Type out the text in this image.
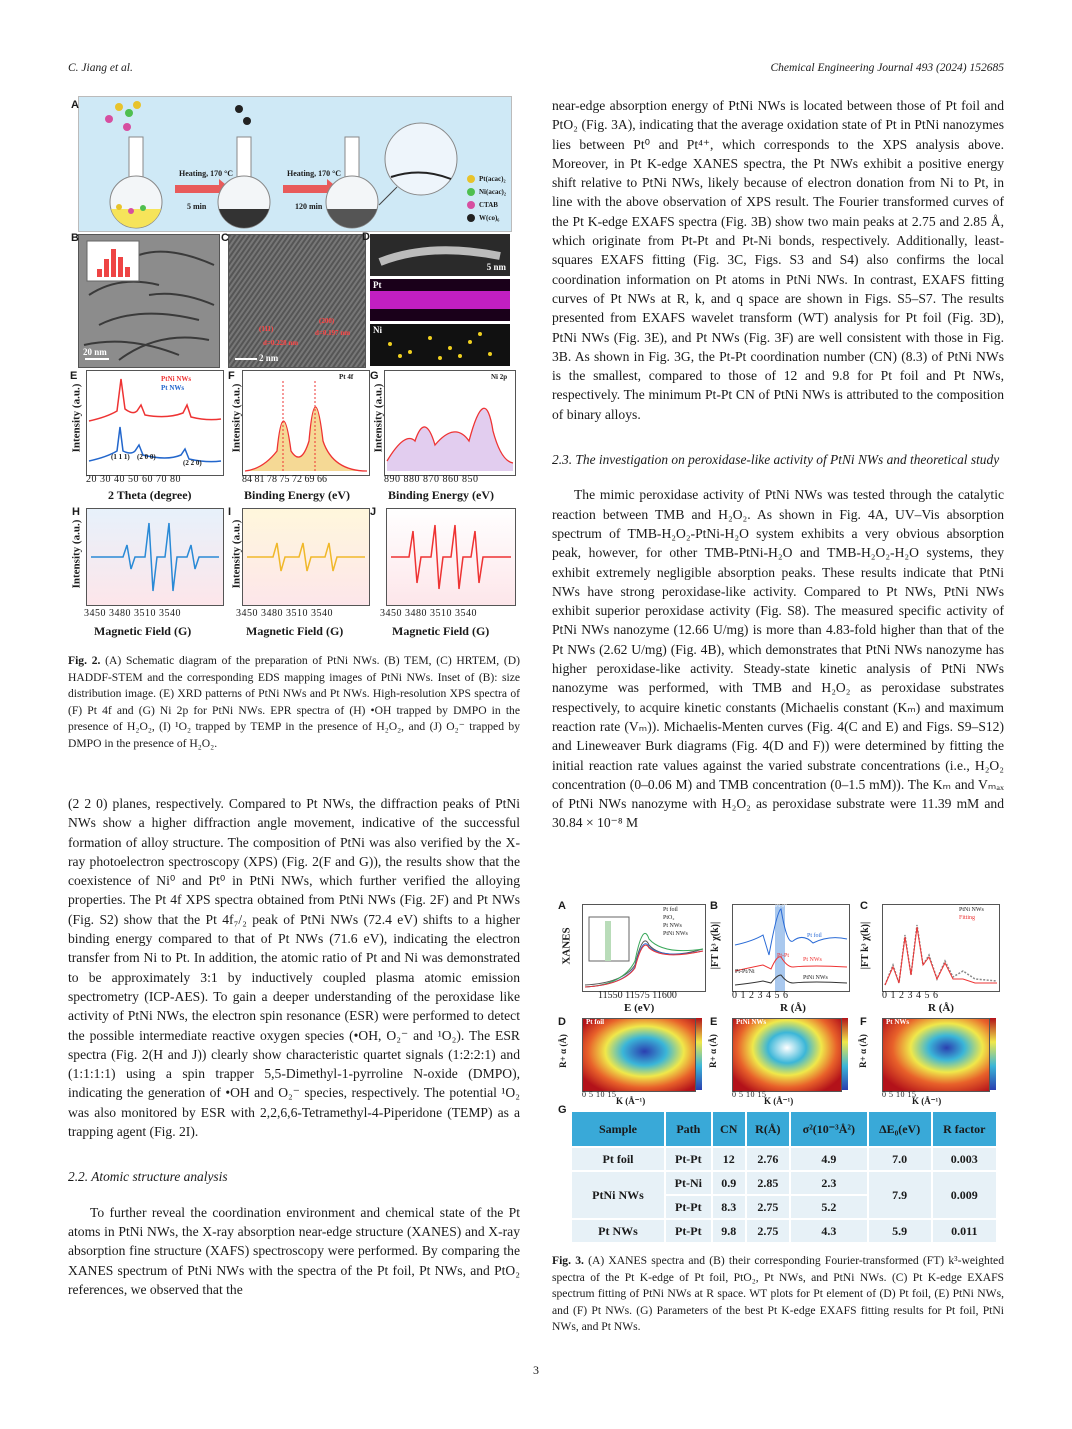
C. Jiang et al.	Chemical Engineering Journal 493 (2024) 152685
A
Heating, 170 °C
5 min
Heating, 170 °C
120 min
Pt(acac)₂
Ni(acac)₂
CTAB
W(co)₆
B
20 nm
C
2 nm
d=0.228 nm
d=0.197 nm
(111)
(200)
D
5 nm
Pt
Ni
E	PtNi NWs
Pt NWs
(1 1 1) (2 0 0)
(2 2 0)
Intensity (a.u.)
20 30 40 50 60 70 80
2 Theta (degree)
F	Pt 4f
Intensity (a.u.)
84 81 78 75 72 69 66
Binding Energy (eV)
G	Ni 2p
Intensity (a.u.)
890 880 870 860 850
Binding Energy (eV)
H
Intensity (a.u.)
3450 3480 3510 3540
Magnetic Field (G)
I
Intensity (a.u.)
3450 3480 3510 3540
Magnetic Field (G)
J
3450 3480 3510 3540
Magnetic Field (G)
Fig. 2. (A) Schematic diagram of the preparation of PtNi NWs. (B) TEM, (C) HRTEM, (D) HADDF-STEM and the corresponding EDS mapping images of PtNi NWs. Inset of (B): size distribution image. (E) XRD patterns of PtNi NWs and Pt NWs. High-resolution XPS spectra of (F) Pt 4f and (G) Ni 2p for PtNi NWs. EPR spectra of (H) •OH trapped by DMPO in the presence of H₂O₂, (I) ¹O₂ trapped by TEMP in the presence of H₂O₂, and (J) O₂⁻ trapped by DMPO in the presence of H₂O₂.

(2 2 0) planes, respectively. Compared to Pt NWs, the diffraction peaks of PtNi NWs show a higher diffraction angle movement, indicative of the successful formation of alloy structure. The composition of PtNi was also verified by the X-ray photoelectron spectroscopy (XPS) (Fig. 2(F and G)), the results show that the coexistence of Ni⁰ and Pt⁰ in PtNi NWs, which further verified the alloying properties. The Pt 4f XPS spectra obtained from PtNi NWs (Fig. 2F) and Pt NWs (Fig. S2) show that the Pt 4f₇/₂ peak of PtNi NWs (72.4 eV) shifts to a higher binding energy compared to that of Pt NWs (71.6 eV), indicating the electron transfer from Ni to Pt. In addition, the atomic ratio of Pt and Ni was demonstrated to be approximately 3:1 by inductively coupled plasma atomic emission spectrometry (ICP-AES). To gain a deeper understanding of the peroxidase like activity of PtNi NWs, the electron spin resonance (ESR) were performed to detect the possible intermediate reactive oxygen species (•OH, O₂⁻ and ¹O₂). The ESR spectra (Fig. 2(H and J)) clearly show characteristic quartet signals (1:2:2:1) and (1:1:1:1) using a spin trapper 5,5-Dimethyl-1-pyrroline N-oxide (DMPO), indicating the generation of •OH and O₂⁻ species, respectively. The potential ¹O₂ was also monitored by ESR with 2,2,6,6-Tetramethyl-4-Piperidone (TEMP) as a trapping agent (Fig. 2I).

2.2. Atomic structure analysis

To further reveal the coordination environment and chemical state of the Pt atoms in PtNi NWs, the X-ray absorption near-edge structure (XANES) and X-ray absorption fine structure (XAFS) spectroscopy were performed. By comparing the XANES spectrum of PtNi NWs with the spectra of the Pt foil, Pt NWs, and PtO₂ references, we observed that the

near-edge absorption energy of PtNi NWs is located between those of Pt foil and PtO₂ (Fig. 3A), indicating that the average oxidation state of Pt in PtNi nanozymes lies between Pt⁰ and Pt⁴⁺, which corresponds to the XPS analysis above. Moreover, in Pt K-edge XANES spectra, the Pt NWs exhibit a positive energy shift relative to PtNi NWs, likely because of electron donation from Ni to Pt, in line with the above observation of XPS result. The Fourier transformed curves of the Pt K-edge EXAFS spectra (Fig. 3B) show two main peaks at 2.75 and 2.85 Å, which originate from Pt-Pt and Pt-Ni bonds, respectively. Additionally, least-squares EXAFS fitting (Fig. 3C, Figs. S3 and S4) also confirms the local coordination information on Pt atoms in PtNi NWs. In contrast, EXAFS fitting curves of Pt NWs at R, k, and q space are shown in Figs. S5–S7. The results presented from EXAFS wavelet transform (WT) analysis for Pt foil (Fig. 3D), PtNi NWs (Fig. 3E), and Pt NWs (Fig. 3F) are well consistent with those in Fig. 3B. As shown in Fig. 3G, the Pt-Pt coordination number (CN) (8.3) of PtNi NWs is the smallest, compared to those of 12 and 9.8 for Pt foil and Pt NWs, respectively. The minimum Pt-Pt CN of PtNi NWs is attributed to the composition of binary alloys.

2.3. The investigation on peroxidase-like activity of PtNi NWs and theoretical study

The mimic peroxidase activity of PtNi NWs was tested through the catalytic reaction between TMB and H₂O₂. As shown in Fig. 4A, UV–Vis absorption spectrum of TMB-H₂O₂-PtNi-H₂O system exhibits a very obvious absorption peak, however, for other TMB-PtNi-H₂O and TMB-H₂O₂-H₂O systems, they exhibit extremely negligible absorption peaks. These results indicate that PtNi NWs have strong peroxidase-like activity. Compared to Pt NWs, PtNi NWs exhibit superior peroxidase activity (Fig. S8). The measured specific activity of PtNi NWs nanozyme (12.66 U/mg) is more than 4.83-fold higher than that of the Pt NWs (2.62 U/mg) (Fig. 4B), which demonstrates that PtNi NWs nanozyme has higher peroxidase-like activity. Steady-state kinetic analysis of PtNi NWs nanozyme was performed, with TMB and H₂O₂ as peroxidase substrates respectively, to acquire kinetic constants (Michaelis constant (Kₘ) and maximum reaction rate (Vₘ)). Michaelis-Menten curves (Fig. 4(C and E) and Figs. S9–S12) and Lineweaver Burk diagrams (Fig. 4(D and F)) were determined by fitting the initial reaction rate values against the varied substrate concentrations (i.e., H₂O₂ concentration (0–0.06 M) and TMB concentration (0–1.5 mM)). The Kₘ and Vₘₐₓ of PtNi NWs nanozyme with H₂O₂ as peroxidase substrate were 11.39 mM and 30.84 × 10⁻⁸ M

A	Pt foil
PtO₂
Pt NWs
PtNi NWs
XANES
11550 11575 11600
E (eV)
B	Pt-Pt
Pt foil
Pt-Pt
Pt NWs
Pt-Pt/Ni
PtNi NWs
|FT k³ χ(k)|
0 1 2 3 4 5 6
R (Å)
C	PtNi NWs
Fitting
|FT k³ χ(k)|
0 1 2 3 4 5 6
R (Å)
D	Pt foil
R+ α (Å)
0 5 10 15
K (Å⁻¹)
E	PtNi NWs
R+ α (Å)
0 5 10 15
K (Å⁻¹)
F	Pt NWs
R+ α (Å)
0 5 10 15
K (Å⁻¹)
G
Sample	Path	CN	R(Å)	σ²(10⁻³Å²)	ΔE₀(eV)	R factor
Pt foil	Pt-Pt	12	2.76	4.9	7.0	0.003
PtNi NWs	Pt-Ni	0.9	2.85	2.3	7.9	0.009
	Pt-Pt	8.3	2.75	5.2		
Pt NWs	Pt-Pt	9.8	2.75	4.3	5.9	0.011
Fig. 3. (A) XANES spectra and (B) their corresponding Fourier-transformed (FT) k³-weighted spectra of the Pt K-edge of Pt foil, PtO₂, Pt NWs, and PtNi NWs. (C) Pt K-edge EXAFS spectrum fitting of PtNi NWs at R space. WT plots for Pt element of (D) Pt foil, (E) PtNi NWs, and (F) Pt NWs. (G) Parameters of the best Pt K-edge EXAFS fitting results for Pt foil, PtNi NWs, and Pt NWs.
3
